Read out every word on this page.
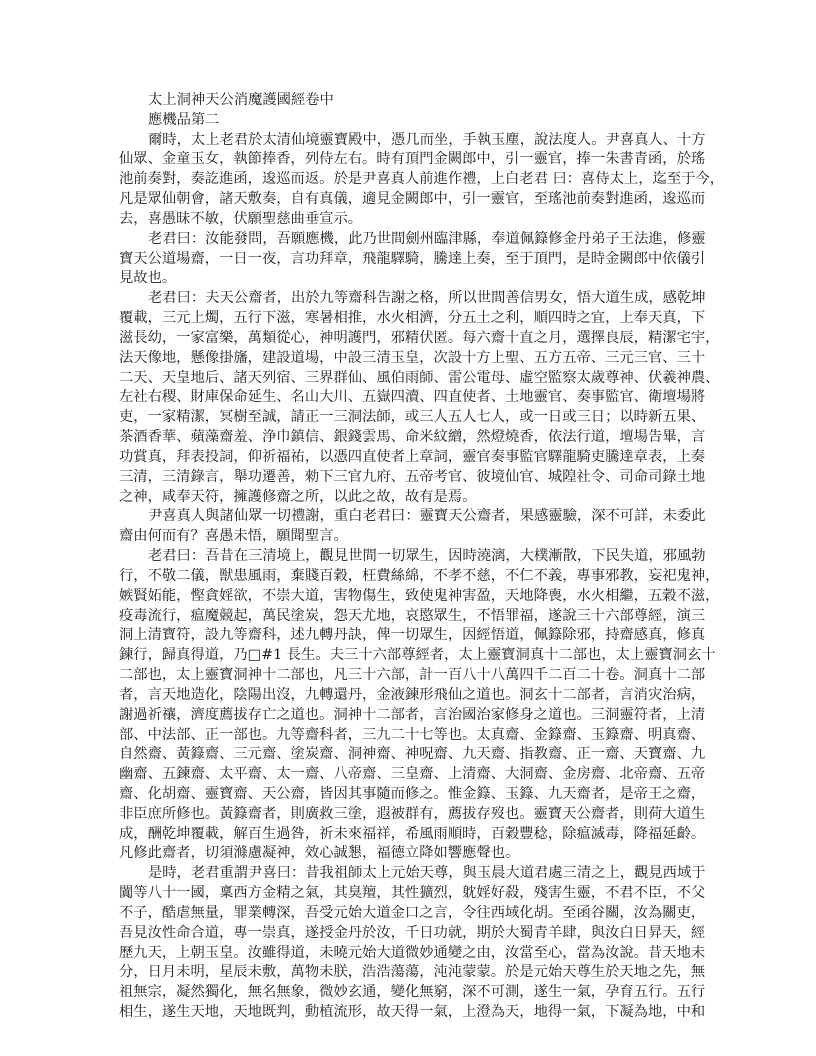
太上洞神天公消魔護國經卷中
應機品第二
爾時，太上老君於太清仙境靈寶殿中，憑几而坐，手執玉塵，說法度人。尹喜真人、十方
仙眾、金童玉女，執節捧香，列侍左右。時有頂門金闕郎中，引一靈官，捧一朱書青函，於瑤
池前奏對，奏訖進函，逡巡而返。於是尹喜真人前進作禮，上白老君 曰：喜侍太上，迄至于今，
凡是眾仙朝會，諸天敷奏，自有真儀，適見金闕郎中，引一靈官，至瑤池前奏對進函，逡巡而
去，喜愚昧不敏，伏願聖慈曲垂宣示。
老君曰：汝能發問，吾願應機，此乃世間劍州臨津縣，奉道佩籙修金丹弟子王法進，修靈
寶天公道場齋，一日一夜，言功拜章，飛龍驛騎，騰達上奏，至于頂門，是時金闕郎中依儀引
見故也。
老君曰：夫天公齋者，出於九等齋科告謝之格，所以世間善信男女，悟大道生成，感乾坤
覆載，三元上燭，五行下滋，寒暑相推，水火相濟，分五土之利，順四時之宜，上奉天真，下
滋長幼，一家富樂，萬類從心，神明護門，邪精伏匿。每六齋十直之月，選擇良辰，精潔宅宇，
法天像地，懸像掛旛，建設道場，中設三清玉皇，次設十方上聖、五方五帝、三元三官、三十
二天、天皇地后、諸天列宿、三界群仙、風伯雨師、雷公電母、虛空監察太歲尊神、伏羲神農、
左社右稷、財庫保命延生、名山大川、五嶽四瀆、四直使者、土地靈官、奏事監官、衛壇場將
吏，一家精潔，冥樹至誠，請正一三洞法師，或三人五人七人，或一日或三日；以時新五果、
茶酒香華、蘋藻齋羞、浄巾鎮信、銀錢雲馬、命米紋繒，然燈燒香，依法行道，壇場告畢，言
功賞真，拜表投詞，仰祈福祐，以憑四直使者上章詞，靈官奏事監官驛龍騎吏騰達章表，上奏
三清，三清錄言，舉功遷善，勑下三官九府、五帝考官、彼境仙官、城隍社令、司命司錄土地
之神，咸奉天符，擁護修齋之所，以此之故，故有是焉。
尹喜真人與諸仙眾一切禮謝，重白老君曰：靈寶天公齋者，果感靈驗，深不可詳，未委此
齋由何而有？喜愚未悟，願聞聖言。
老君曰：吾昔在三清境上，觀見世間一切眾生，因時澆漓，大樸漸散，下民失道，邪風勃
行，不敬二儀，獣患風雨，棄賤百穀，枉費絲綿，不孝不慈，不仁不義，專事邪教，妄祀鬼神，
嫉賢妬能，慳貪婬欲，不崇大道，害物傷生，致使鬼神害盈，天地降喪，水火相繼，五穀不滋，
疫毒流行，瘟魔競起，萬民塗炭，怨天尤地，哀愍眾生，不悟罪福，遂說三十六部尊經，演三
洞上清寶符，設九等齋科，述九轉丹訣，俾一切眾生，因經悟道，佩籙除邪，持齋感真，修真
鍊行，歸真得道，乃□#1 長生。夫三十六部尊經者，太上靈寶洞真十二部也，太上靈寶洞玄十
二部也，太上靈寶洞神十二部也，凡三十六部，計一百八十八萬四千二百二十卷。洞真十二部
者，言天地造化，陰陽出沒，九轉還丹，金液鍊形飛仙之道也。洞玄十二部者，言消灾治病，
謝過祈禳，濟度薦拔存亡之道也。洞神十二部者，言治國治家修身之道也。三洞靈符者，上清
部、中法部、正一部也。九等齋科者，三九二十七等也。太真齋、金籙齋、玉籙齋、明真齋、
自然齋、黃籙齋、三元齋、塗炭齋、洞神齋、神呪齋、九天齋、指教齋、正一齋、天寶齋、九
幽齋、五鍊齋、太平齋、太一齋、八帝齋、三皇齋、上清齋、大洞齋、金房齋、北帝齋、五帝
齋、化胡齋、靈寶齋、天公齋，皆因其事隨而修之。惟金籙、玉籙、九天齋者，是帝王之齋，
非臣庶所修也。黃籙齋者，則廣救三塗，遐被群有，薦拔存歿也。靈寶天公齋者，則荷大道生
成，酬乾坤覆載，解百生過咎，祈未來福祥，希風雨順時，百穀豐稔，除瘟滅毒，降福延齡。
凡修此齋者，切須滌慮凝神，效心誠懇，福德立降如響應聲也。
是時，老君重謂尹喜曰：昔我祖師太上元始天尊，與玉晨大道君處三清之上，觀見西域于
闐等八十一國，稟西方金精之氣，其臭羶，其性獷烈，躭婬好殺，殘害生靈，不君不臣，不父
不子，酷虐無量，罪業轉深，吾受元始大道金口之言，令往西域化胡。至函谷關，汝為關吏，
吾見汝性命合道，專一崇真，遂授金丹於汝，千日功就，期於大蜀青羊肆，與汝白日昇天，經
歷九天，上朝玉皇。汝雖得道，未曉元始大道微妙通變之由，汝當至心，當為汝說。昔天地未
分，日月未明，星辰未敷，萬物未朕，浩浩蕩蕩，沌沌蒙蒙。於是元始天尊生於天地之先，無
祖無宗，凝然獨化，無名無象，微妙玄通，變化無窮，深不可測，遂生一氣，孕育五行。五行
相生，遂生天地，天地既判，動植流形，故天得一氣，上澄為天，地得一氣，下凝為地，中和
